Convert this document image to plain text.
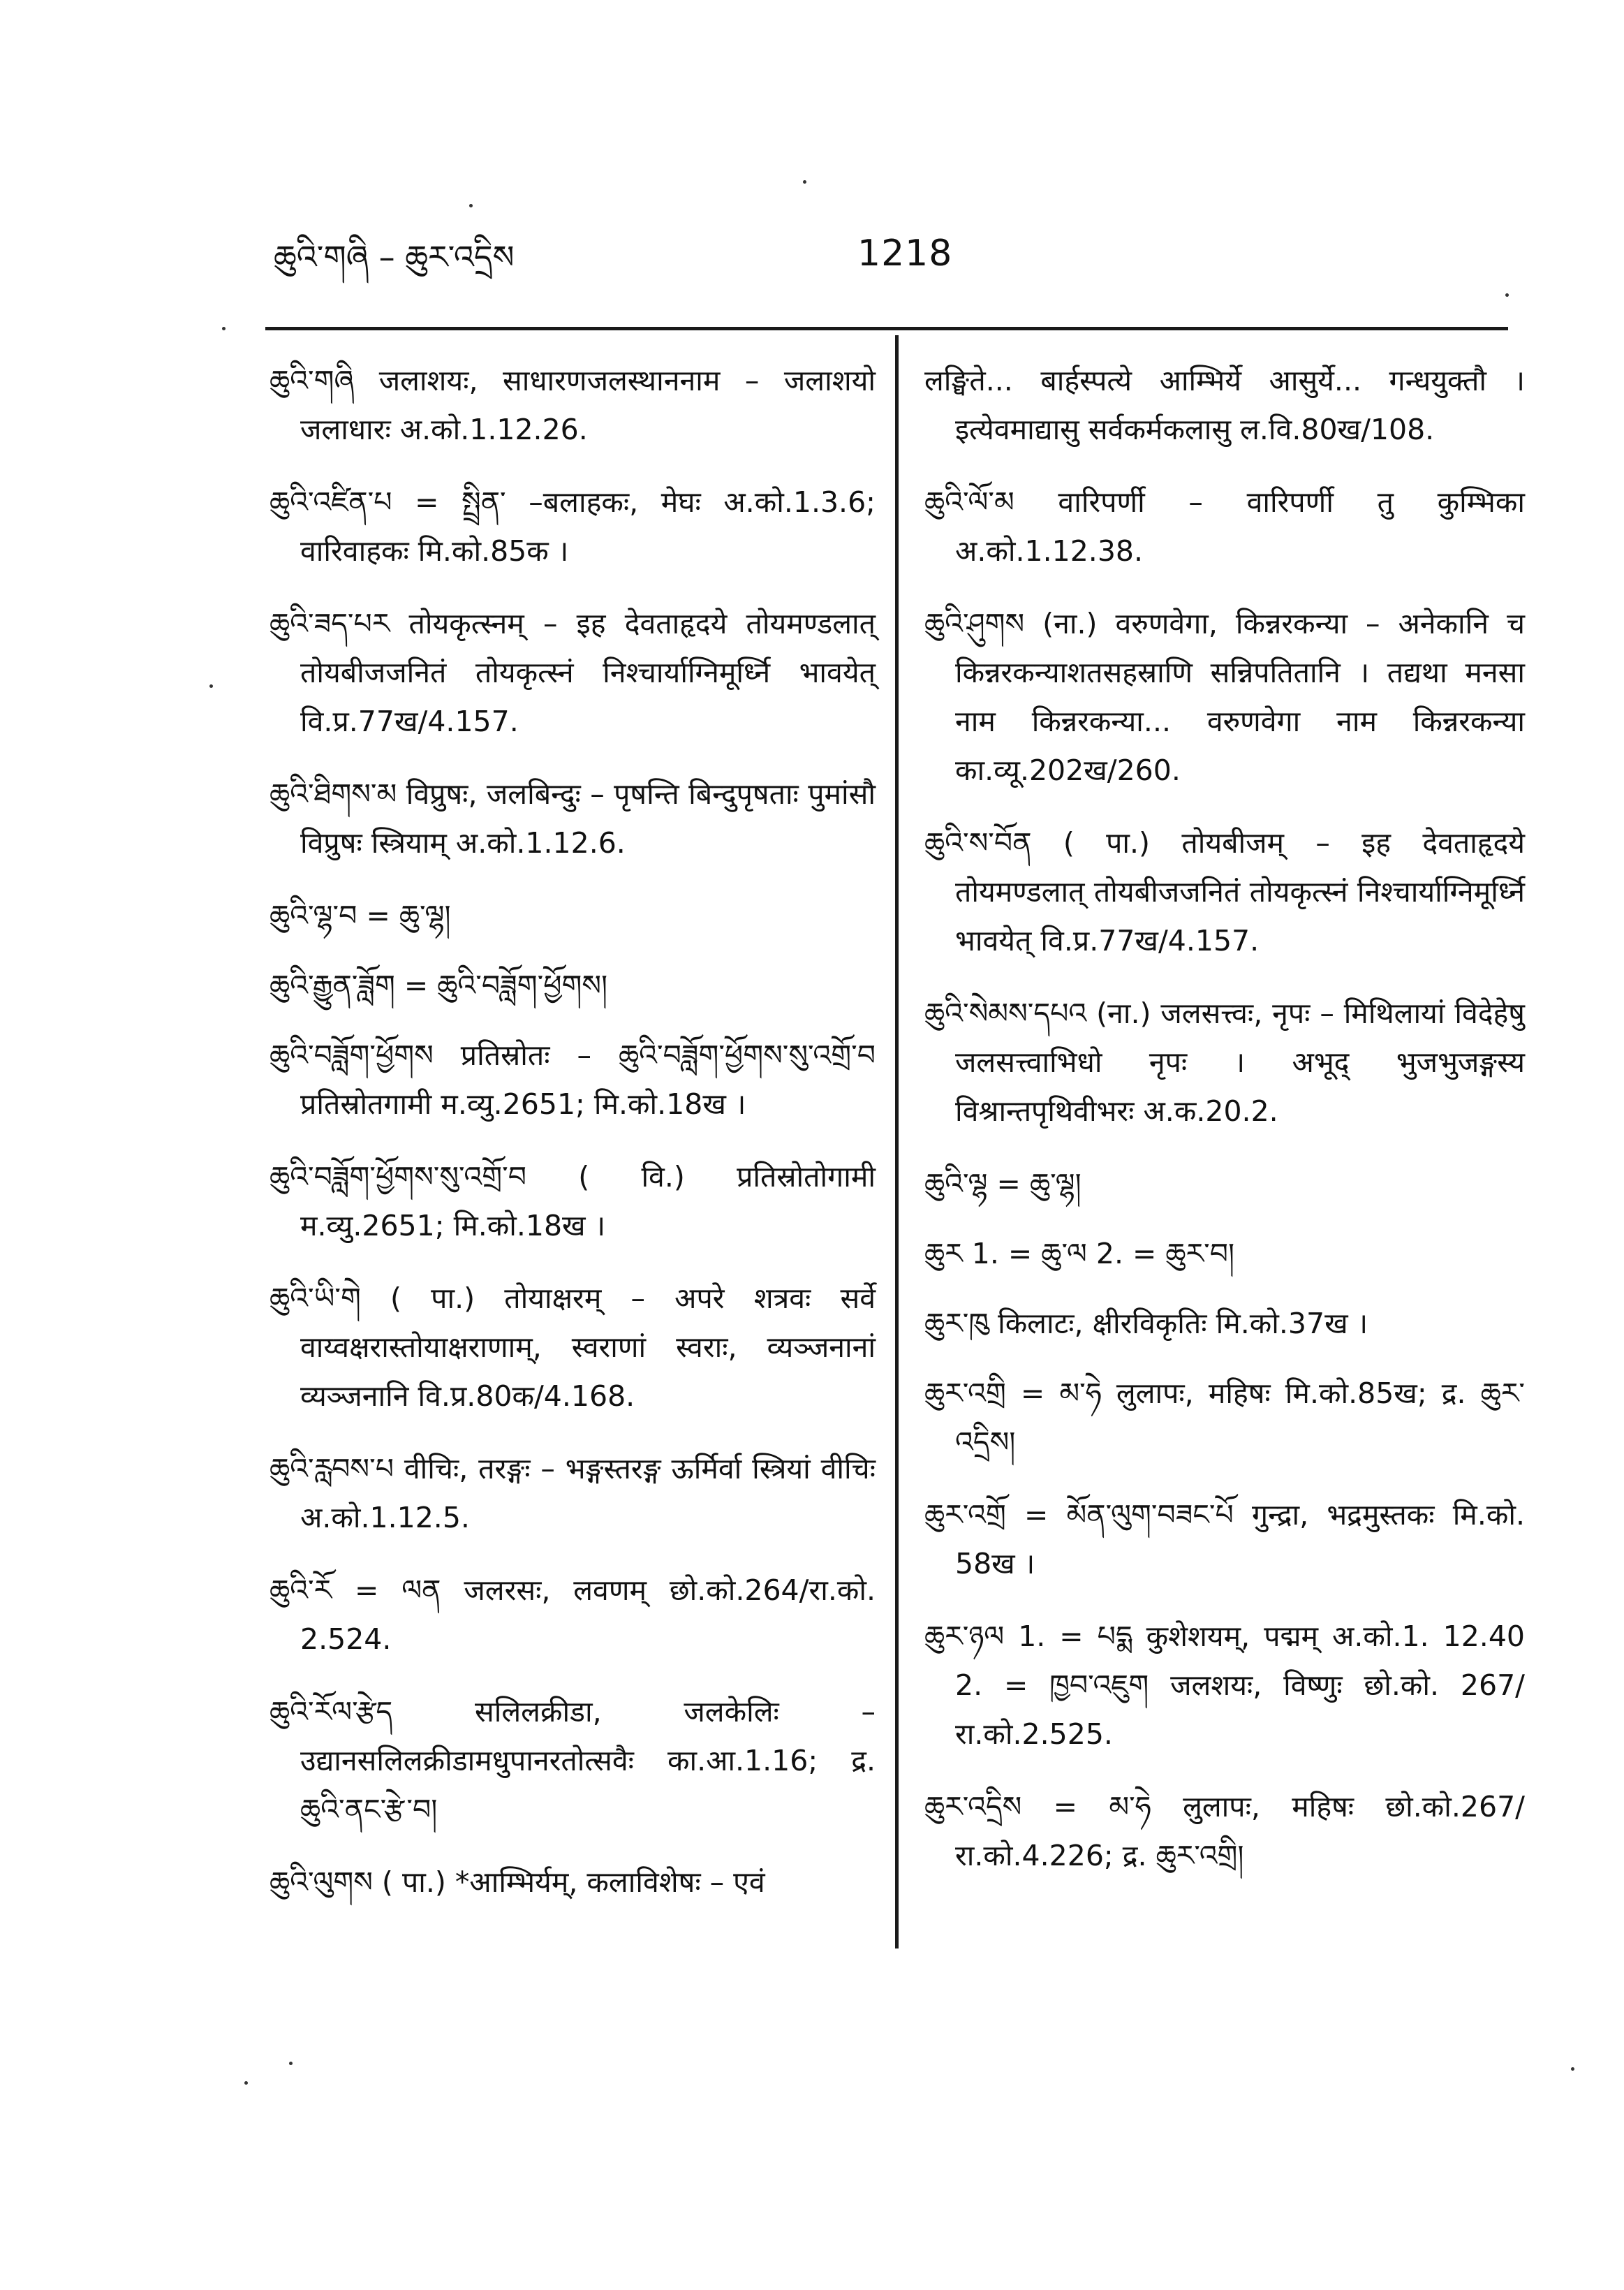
ཆུའི་གཞི – ཆུར་འདྲིས	1218

ཆུའི་གཞི जलाशयः, साधारणजलस्थाननाम – जलाशयो जलाधारः अ.को.1.12.26.

ཆུའི་འཛིན་པ = སྤྲིན་ –बलाहकः, मेघः अ.को.1.3.6; वारिवाहकः मि.को.85क ।

ཆུའི་ཟད་པར तोयकृत्स्नम् – इह देवताहृदये तोयमण्डलात् तोयबीजजनितं तोयकृत्स्नं निश्चार्याग्निमूर्ध्नि भावयेत् वि.प्र.77ख/4.157.

ཆུའི་ཐིགས་མ विप्रुषः, जलबिन्दुः – पृषन्ति बिन्दुपृषताः पुमांसौ विप्रुषः स्त्रियाम् अ.को.1.12.6.

ཆུའི་ལྷ་བ = ཆུ་ལྷ།

ཆུའི་རྒྱུན་ཟློག = ཆུའི་བཟློག་ཕྱོགས།

ཆུའི་བཟློག་ཕྱོགས प्रतिस्रोतः – ཆུའི་བཟློག་ཕྱོགས་སུ་འགྲོ་བ प्रतिस्रोतगामी म.व्यु.2651; मि.को.18ख ।

ཆུའི་བཟློག་ཕྱོགས་སུ་འགྲོ་བ ( वि.) प्रतिस्रोतोगामी म.व्यु.2651; मि.को.18ख ।

ཆུའི་ཡི་གེ ( पा.) तोयाक्षरम् – अपरे शत्रवः सर्वे वाय्वक्षरास्तोयाक्षराणाम्, स्वराणां स्वराः, व्यञ्जनानां व्यञ्जनानि वि.प्र.80क/4.168.

ཆུའི་རླབས་པ वीचिः, तरङ्गः – भङ्गस्तरङ्ग ऊर्मिर्वा स्त्रियां वीचिः अ.को.1.12.5.

ཆུའི་རོ = ལན जलरसः, लवणम् छो.को.264/रा.को. 2.524.

ཆུའི་རོལ་རྩེད सलिलक्रीडा, जलकेलिः – उद्यानसलिलक्रीडामधुपानरतोत्सवैः का.आ.1.16; द्र. ཆུའི་ནང་རྩེ་བ།

ཆུའི་ལུགས ( पा.) *आम्भिर्यम्, कलाविशेषः – एवं

लङ्घिते... बार्हस्पत्ये आम्भिर्ये आसुर्ये... गन्धयुक्तौ । इत्येवमाद्यासु सर्वकर्मकलासु ल.वि.80ख/108.

ཆུའི་ལོ་མ वारिपर्णी – वारिपर्णी तु कुम्भिका अ.को.1.12.38.

ཆུའི་ཤུགས (ना.) वरुणवेगा, किन्नरकन्या – अनेकानि च किन्नरकन्याशतसहस्राणि सन्निपतितानि । तद्यथा मनसा नाम किन्नरकन्या... वरुणवेगा नाम किन्नरकन्या का.व्यू.202ख/260.

ཆུའི་ས་བོན ( पा.) तोयबीजम् – इह देवताहृदये तोयमण्डलात् तोयबीजजनितं तोयकृत्स्नं निश्चार्याग्निमूर्ध्नि भावयेत् वि.प्र.77ख/4.157.

ཆུའི་སེམས་དཔའ (ना.) जलसत्त्वः, नृपः – मिथिलायां विदेहेषु जलसत्त्वाभिधो नृपः । अभूद् भुजभुजङ्गस्य विश्रान्तपृथिवीभरः अ.क.20.2.

ཆུའི་ལྷ = ཆུ་ལྷ།

ཆུར 1. = ཆུ་ལ 2. = ཆུར་བ།

ཆུར་ཁུ किलाटः, क्षीरविकृतिः मि.को.37ख ।

ཆུར་འགྲི = མ་ཧེ लुलापः, महिषः मि.को.85ख; द्र. ཆུར་འདྲིས།

ཆུར་འགྲོ = མོན་ལུག་བཟང་པོ गुन्द्रा, भद्रमुस्तकः मि.को. 58ख ।

ཆུར་ཉལ 1. = པདྨ कुशेशयम्, पद्मम् अ.को.1. 12.40 2. = ཁྱབ་འཇུག जलशयः, विष्णुः छो.को. 267/रा.को.2.525.

ཆུར་འདྲིས = མ་ཧེ लुलापः, महिषः छो.को.267/ रा.को.4.226; द्र. ཆུར་འགྲི།
